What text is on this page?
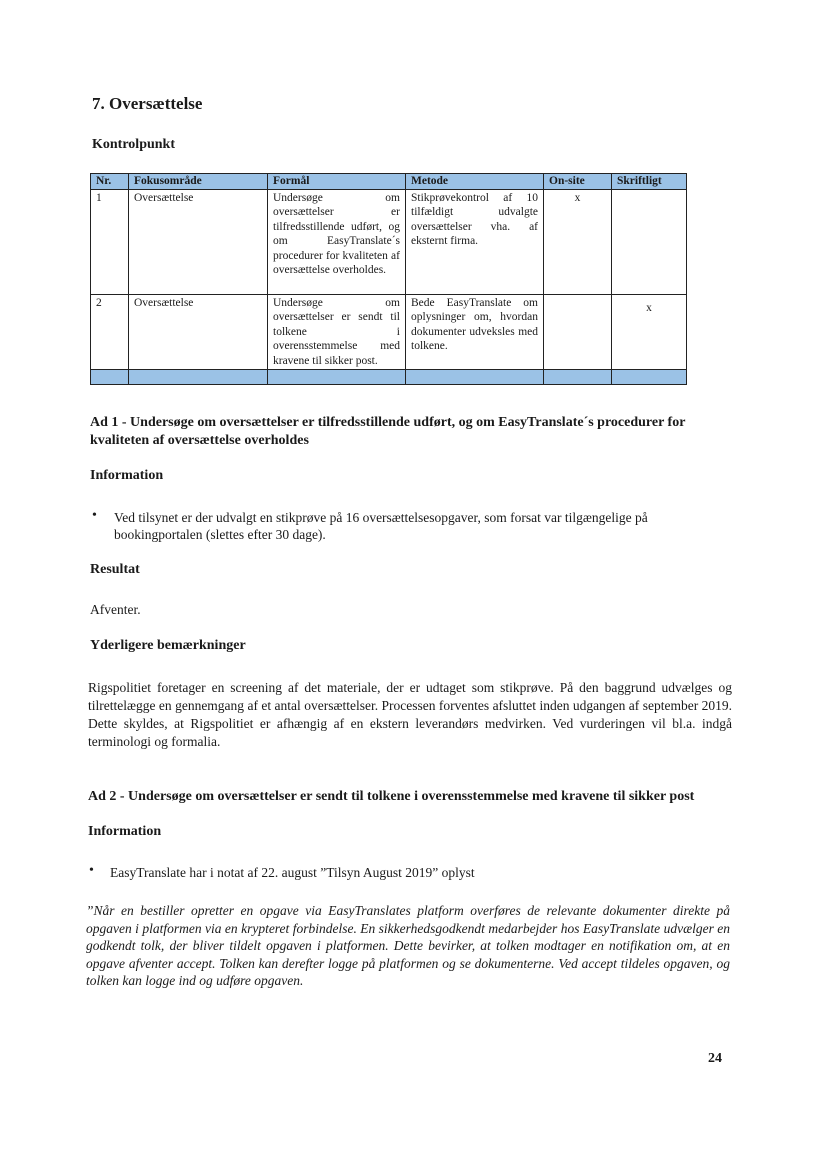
7. Oversættelse
Kontrolpunkt
Nr.	Fokusområde	Formål	Metode	On-site	Skriftligt
1	Oversættelse	Undersøge om oversættelser er tilfredsstillende udført, og om EasyTranslate´s procedurer for kvaliteten af oversættelse overholdes.	Stikprøvekontrol af 10 tilfældigt udvalgte oversættelser vha. af eksternt firma.	x	
2	Oversættelse	Undersøge om oversættelser er sendt til tolkene i overensstemmelse med kravene til sikker post.	Bede EasyTranslate om oplysninger om, hvordan dokumenter udveksles med tolkene.		x

Ad 1 - Undersøge om oversættelser er tilfredsstillende udført, og om EasyTranslate´s procedurer for kvaliteten af oversættelse overholdes
Information
• Ved tilsynet er der udvalgt en stikprøve på 16 oversættelsesopgaver, som forsat var tilgængelige på bookingportalen (slettes efter 30 dage).
Resultat
Afventer.
Yderligere bemærkninger
Rigspolitiet foretager en screening af det materiale, der er udtaget som stikprøve. På den baggrund udvælges og tilrettelægge en gennemgang af et antal oversættelser. Processen forventes afsluttet inden udgangen af september 2019. Dette skyldes, at Rigspolitiet er afhængig af en ekstern leverandørs medvirken. Ved vurderingen vil bl.a. indgå terminologi og formalia.
Ad 2 - Undersøge om oversættelser er sendt til tolkene i overensstemmelse med kravene til sikker post
Information
• EasyTranslate har i notat af 22. august ”Tilsyn August 2019” oplyst
”Når en bestiller opretter en opgave via EasyTranslates platform overføres de relevante dokumenter direkte på opgaven i platformen via en krypteret forbindelse. En sikkerhedsgodkendt medarbejder hos EasyTranslate udvælger en godkendt tolk, der bliver tildelt opgaven i platformen. Dette bevirker, at tolken modtager en notifikation om, at en opgave afventer accept. Tolken kan derefter logge på platformen og se dokumenterne. Ved accept tildeles opgaven, og tolken kan logge ind og udføre opgaven.
24
